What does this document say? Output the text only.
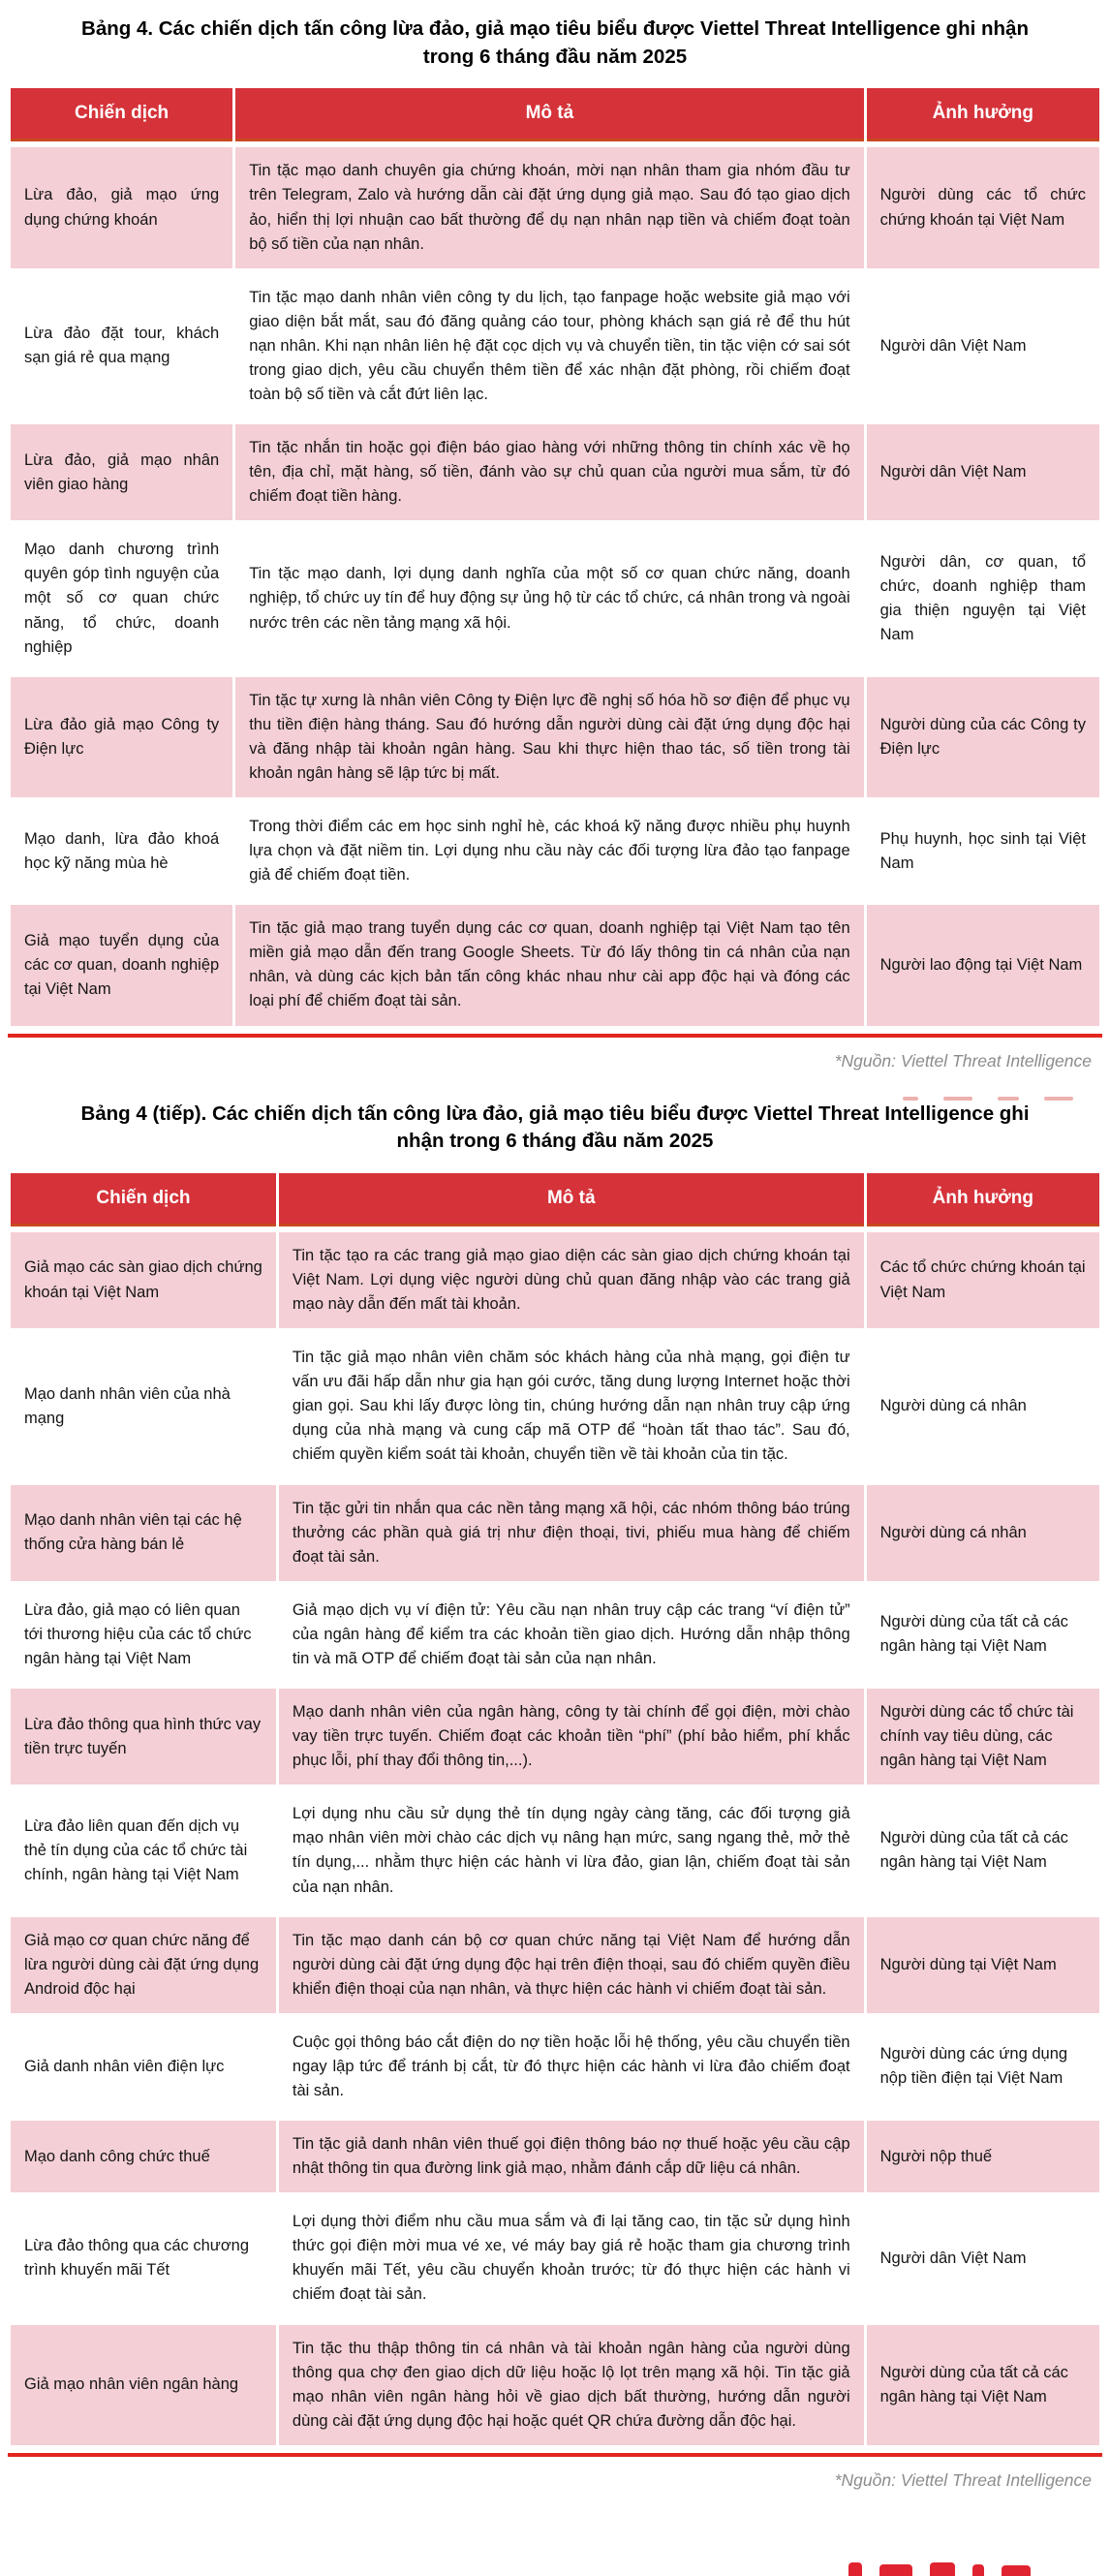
Bảng 4. Các chiến dịch tấn công lừa đảo, giả mạo tiêu biểu được Viettel Threat Intelligence ghi nhận trong 6 tháng đầu năm 2025
Chiến dịch	Mô tả	Ảnh hưởng
Lừa đảo, giả mạo ứng dụng chứng khoán	Tin tặc mạo danh chuyên gia chứng khoán, mời nạn nhân tham gia nhóm đầu tư trên Telegram, Zalo và hướng dẫn cài đặt ứng dụng giả mạo. Sau đó tạo giao dịch ảo, hiển thị lợi nhuận cao bất thường để dụ nạn nhân nạp tiền và chiếm đoạt toàn bộ số tiền của nạn nhân.	Người dùng các tổ chức chứng khoán tại Việt Nam
Lừa đảo đặt tour, khách sạn giá rẻ qua mạng	Tin tặc mạo danh nhân viên công ty du lịch, tạo fanpage hoặc website giả mạo với giao diện bắt mắt, sau đó đăng quảng cáo tour, phòng khách sạn giá rẻ để thu hút nạn nhân. Khi nạn nhân liên hệ đặt cọc dịch vụ và chuyển tiền, tin tặc viện cớ sai sót trong giao dịch, yêu cầu chuyển thêm tiền để xác nhận đặt phòng, rồi chiếm đoạt toàn bộ số tiền và cắt đứt liên lạc.	Người dân Việt Nam
Lừa đảo, giả mạo nhân viên giao hàng	Tin tặc nhắn tin hoặc gọi điện báo giao hàng với những thông tin chính xác về họ tên, địa chỉ, mặt hàng, số tiền, đánh vào sự chủ quan của người mua sắm, từ đó chiếm đoạt tiền hàng.	Người dân Việt Nam
Mạo danh chương trình quyên góp tình nguyện của một số cơ quan chức năng, tổ chức, doanh nghiệp	Tin tặc mạo danh, lợi dụng danh nghĩa của một số cơ quan chức năng, doanh nghiệp, tổ chức uy tín để huy động sự ủng hộ từ các tổ chức, cá nhân trong và ngoài nước trên các nền tảng mạng xã hội.	Người dân, cơ quan, tổ chức, doanh nghiệp tham gia thiện nguyện tại Việt Nam
Lừa đảo giả mạo Công ty Điện lực	Tin tặc tự xưng là nhân viên Công ty Điện lực đề nghị số hóa hồ sơ điện để phục vụ thu tiền điện hàng tháng. Sau đó hướng dẫn người dùng cài đặt ứng dụng độc hại và đăng nhập tài khoản ngân hàng. Sau khi thực hiện thao tác, số tiền trong tài khoản ngân hàng sẽ lập tức bị mất.	Người dùng của các Công ty Điện lực
Mạo danh, lừa đảo khoá học kỹ năng mùa hè	Trong thời điểm các em học sinh nghỉ hè, các khoá kỹ năng được nhiều phụ huynh lựa chọn và đặt niềm tin. Lợi dụng nhu cầu này các đối tượng lừa đảo tạo fanpage giả để chiếm đoạt tiền.	Phụ huynh, học sinh tại Việt Nam
Giả mạo tuyển dụng của các cơ quan, doanh nghiệp tại Việt Nam	Tin tặc giả mạo trang tuyển dụng các cơ quan, doanh nghiệp tại Việt Nam tạo tên miền giả mạo dẫn đến trang Google Sheets. Từ đó lấy thông tin cá nhân của nạn nhân, và dùng các kịch bản tấn công khác nhau như cài app độc hại và đóng các loại phí để chiếm đoạt tài sản.	Người lao động tại Việt Nam
*Nguồn: Viettel Threat Intelligence
Bảng 4 (tiếp). Các chiến dịch tấn công lừa đảo, giả mạo tiêu biểu được Viettel Threat Intelligence ghi nhận trong 6 tháng đầu năm 2025
Chiến dịch	Mô tả	Ảnh hưởng
Giả mạo các sàn giao dịch chứng khoán tại Việt Nam	Tin tặc tạo ra các trang giả mạo giao diện các sàn giao dịch chứng khoán tại Việt Nam. Lợi dụng việc người dùng chủ quan đăng nhập vào các trang giả mạo này dẫn đến mất tài khoản.	Các tổ chức chứng khoán tại Việt Nam
Mạo danh nhân viên của nhà mạng	Tin tặc giả mạo nhân viên chăm sóc khách hàng của nhà mạng, gọi điện tư vấn ưu đãi hấp dẫn như gia hạn gói cước, tăng dung lượng Internet hoặc thời gian gọi. Sau khi lấy được lòng tin, chúng hướng dẫn nạn nhân truy cập ứng dụng của nhà mạng và cung cấp mã OTP để “hoàn tất thao tác”. Sau đó, chiếm quyền kiểm soát tài khoản, chuyển tiền về tài khoản của tin tặc.	Người dùng cá nhân
Mạo danh nhân viên tại các hệ thống cửa hàng bán lẻ	Tin tặc gửi tin nhắn qua các nền tảng mạng xã hội, các nhóm thông báo trúng thưởng các phần quà giá trị như điện thoại, tivi, phiếu mua hàng để chiếm đoạt tài sản.	Người dùng cá nhân
Lừa đảo, giả mạo có liên quan tới thương hiệu của các tổ chức ngân hàng tại Việt Nam	Giả mạo dịch vụ ví điện tử: Yêu cầu nạn nhân truy cập các trang “ví điện tử” của ngân hàng để kiểm tra các khoản tiền giao dịch. Hướng dẫn nhập thông tin và mã OTP để chiếm đoạt tài sản của nạn nhân.	Người dùng của tất cả các ngân hàng tại Việt Nam
Lừa đảo thông qua hình thức vay tiền trực tuyến	Mạo danh nhân viên của ngân hàng, công ty tài chính để gọi điện, mời chào vay tiền trực tuyến. Chiếm đoạt các khoản tiền “phí” (phí bảo hiểm, phí khắc phục lỗi, phí thay đổi thông tin,...).	Người dùng các tổ chức tài chính vay tiêu dùng, các ngân hàng tại Việt Nam
Lừa đảo liên quan đến dịch vụ thẻ tín dụng của các tổ chức tài chính, ngân hàng tại Việt Nam	Lợi dụng nhu cầu sử dụng thẻ tín dụng ngày càng tăng, các đối tượng giả mạo nhân viên mời chào các dịch vụ nâng hạn mức, sang ngang thẻ, mở thẻ tín dụng,... nhằm thực hiện các hành vi lừa đảo, gian lận, chiếm đoạt tài sản của nạn nhân.	Người dùng của tất cả các ngân hàng tại Việt Nam
Giả mạo cơ quan chức năng để lừa người dùng cài đặt ứng dụng Android độc hại	Tin tặc mạo danh cán bộ cơ quan chức năng tại Việt Nam để hướng dẫn người dùng cài đặt ứng dụng độc hại trên điện thoại, sau đó chiếm quyền điều khiển điện thoại của nạn nhân, và thực hiện các hành vi chiếm đoạt tài sản.	Người dùng tại Việt Nam
Giả danh nhân viên điện lực	Cuộc gọi thông báo cắt điện do nợ tiền hoặc lỗi hệ thống, yêu cầu chuyển tiền ngay lập tức để tránh bị cắt, từ đó thực hiện các hành vi lừa đảo chiếm đoạt tài sản.	Người dùng các ứng dụng nộp tiền điện tại Việt Nam
Mạo danh công chức thuế	Tin tặc giả danh nhân viên thuế gọi điện thông báo nợ thuế hoặc yêu cầu cập nhật thông tin qua đường link giả mạo, nhằm đánh cắp dữ liệu cá nhân.	Người nộp thuế
Lừa đảo thông qua các chương trình khuyến mãi Tết	Lợi dụng thời điểm nhu cầu mua sắm và đi lại tăng cao, tin tặc sử dụng hình thức gọi điện mời mua vé xe, vé máy bay giá rẻ hoặc tham gia chương trình khuyến mãi Tết, yêu cầu chuyển khoản trước; từ đó thực hiện các hành vi chiếm đoạt tài sản.	Người dân Việt Nam
Giả mạo nhân viên ngân hàng	Tin tặc thu thập thông tin cá nhân và tài khoản ngân hàng của người dùng thông qua chợ đen giao dịch dữ liệu hoặc lộ lọt trên mạng xã hội. Tin tặc giả mạo nhân viên ngân hàng hỏi về giao dịch bất thường, hướng dẫn người dùng cài đặt ứng dụng độc hại hoặc quét QR chứa đường dẫn độc hại.	Người dùng của tất cả các ngân hàng tại Việt Nam
*Nguồn: Viettel Threat Intelligence
